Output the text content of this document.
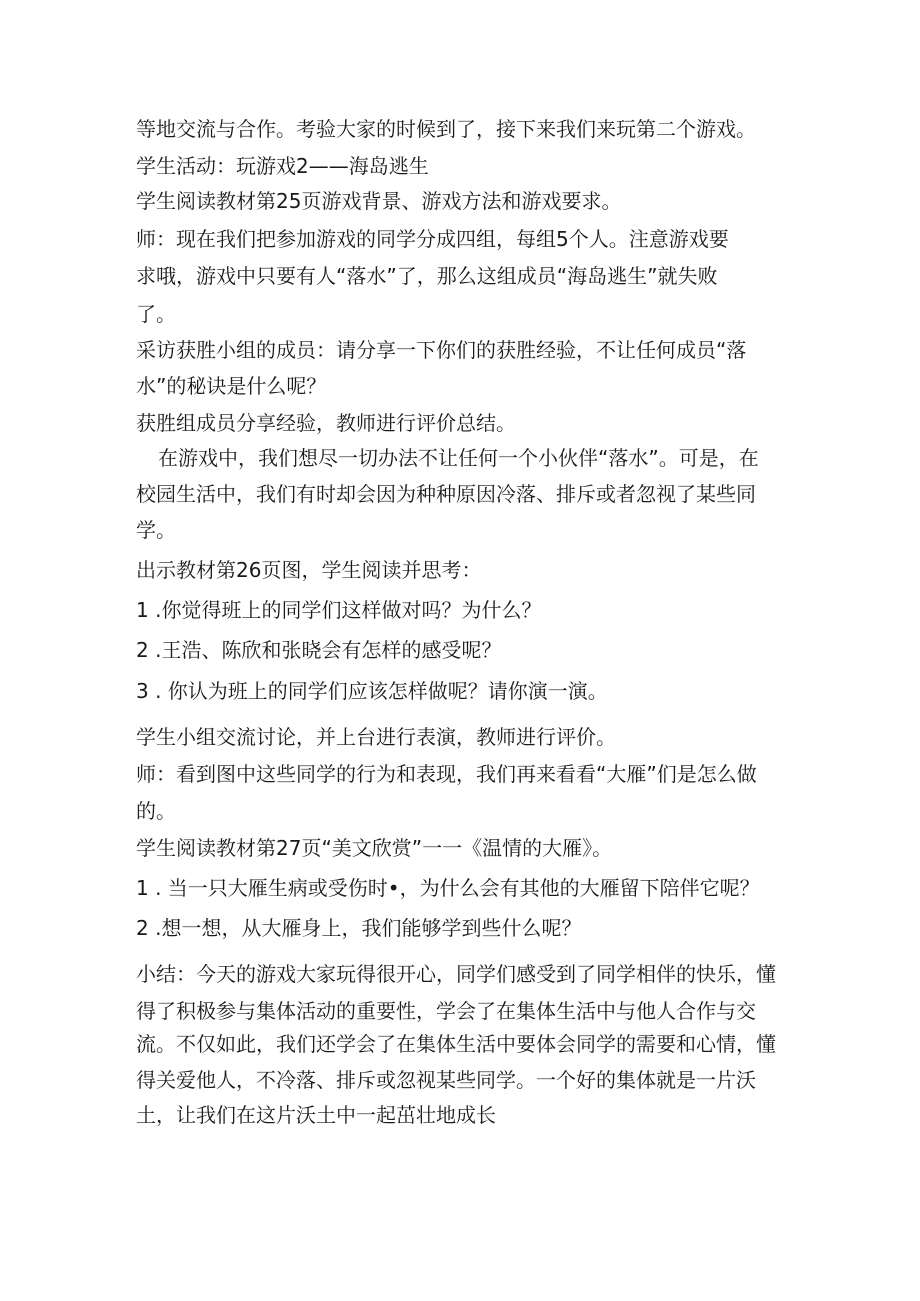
等地交流与合作。考验大家的时候到了，接下来我们来玩第二个游戏。
学生活动：玩游戏2——海岛逃生
学生阅读教材第25页游戏背景、游戏方法和游戏要求。
师：现在我们把参加游戏的同学分成四组，每组5个人。注意游戏要
求哦，游戏中只要有人“落水”了，那么这组成员“海岛逃生”就失败
了。
采访获胜小组的成员：请分享一下你们的获胜经验，不让任何成员“落
水”的秘诀是什么呢？
获胜组成员分享经验，教师进行评价总结。
在游戏中，我们想尽一切办法不让任何一个小伙伴“落水”。可是，在
校园生活中，我们有时却会因为种种原因冷落、排斥或者忽视了某些同
学。
出示教材第26页图，学生阅读并思考：
1 .你觉得班上的同学们这样做对吗？为什么？
2 .王浩、陈欣和张晓会有怎样的感受呢？
3 . 你认为班上的同学们应该怎样做呢？请你演一演。
学生小组交流讨论，并上台进行表演，教师进行评价。
师：看到图中这些同学的行为和表现，我们再来看看“大雁”们是怎么做
的。
学生阅读教材第27页“美文欣赏”一一《温情的大雁》。
1 . 当一只大雁生病或受伤时•，为什么会有其他的大雁留下陪伴它呢？
2 .想一想，从大雁身上，我们能够学到些什么呢？
小结：今天的游戏大家玩得很开心，同学们感受到了同学相伴的快乐，懂
得了积极参与集体活动的重要性，学会了在集体生活中与他人合作与交
流。不仅如此，我们还学会了在集体生活中要体会同学的需要和心情，懂
得关爱他人，不冷落、排斥或忽视某些同学。一个好的集体就是一片沃
土，让我们在这片沃土中一起茁壮地成长
